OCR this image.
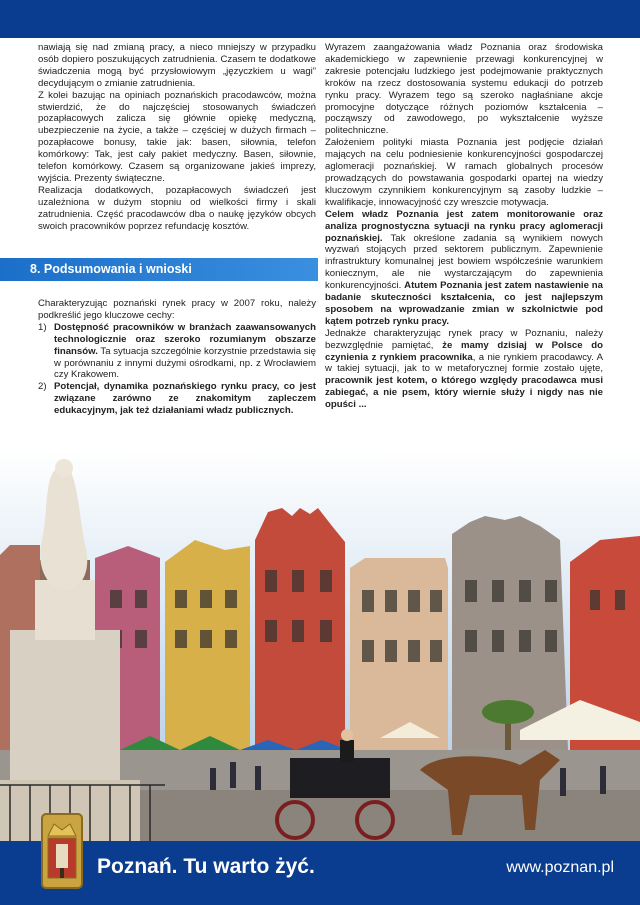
nawiają się nad zmianą pracy, a nieco mniejszy w przypadku osób dopiero poszukujących zatrudnienia. Czasem te dodatkowe świadczenia mogą być przysłowiowym „języczkiem u wagi” decydującym o zmianie zatrudnienia.

Z kolei bazując na opiniach poznańskich pracodawców, można stwierdzić, że do najczęściej stosowanych świadczeń pozapłacowych zalicza się głównie opiekę medyczną, ubezpieczenie na życie, a także – częściej w dużych firmach – pozapłacowe bonusy, takie jak: basen, siłownia, telefon komórkowy: Tak, jest cały pakiet medyczny. Basen, siłownie, telefon komórkowy. Czasem są organizowane jakieś imprezy, wyjścia. Prezenty świąteczne.

Realizacja dodatkowych, pozapłacowych świadczeń jest uzależniona w dużym stopniu od wielkości firmy i skali zatrudnienia. Część pracodawców dba o naukę języków obcych swoich pracowników poprzez refundację kosztów.

8. Podsumowania i wnioski

Charakteryzując poznański rynek pracy w 2007 roku, należy podkreślić jego kluczowe cechy:

1) Dostępność pracowników w branżach zaawansowanych technologicznie oraz szeroko rozumianym obszarze finansów. Ta sytuacja szczególnie korzystnie przedstawia się w porównaniu z innymi dużymi ośrodkami, np. z Wrocławiem czy Krakowem.
2) Potencjał, dynamika poznańskiego rynku pracy, co jest związane zarówno ze znakomitym zapleczem edukacyjnym, jak też działaniami władz publicznych.

Wyrazem zaangażowania władz Poznania oraz środowiska akademickiego w zapewnienie przewagi konkurencyjnej w zakresie potencjału ludzkiego jest podejmowanie praktycznych kroków na rzecz dostosowania systemu edukacji do potrzeb rynku pracy. Wyrazem tego są szeroko nagłaśniane akcje promocyjne dotyczące różnych poziomów kształcenia – począwszy od zawodowego, po wykształcenie wyższe politechniczne.

Założeniem polityki miasta Poznania jest podjęcie działań mających na celu podniesienie konkurencyjności gospodarczej aglomeracji poznańskiej. W ramach globalnych procesów prowadzących do powstawania gospodarki opartej na wiedzy kluczowym czynnikiem konkurencyjnym są zasoby ludzkie – kwalifikacje, innowacyjność czy wreszcie motywacja.

Celem władz Poznania jest zatem monitorowanie oraz analiza prognostyczna sytuacji na rynku pracy aglomeracji poznańskiej. Tak określone zadania są wynikiem nowych wyzwań stojących przed sektorem publicznym. Zapewnienie infrastruktury komunalnej jest bowiem współcześnie warunkiem koniecznym, ale nie wystarczającym do zapewnienia konkurencyjności. Atutem Poznania jest zatem nastawienie na badanie skuteczności kształcenia, co jest najlepszym sposobem na wprowadzanie zmian w szkolnictwie pod kątem potrzeb rynku pracy.

Jednakże charakteryzując rynek pracy w Poznaniu, należy bezwzględnie pamiętać, że mamy dzisiaj w Polsce do czynienia z rynkiem pracownika, a nie rynkiem pracodawcy. A w takiej sytuacji, jak to w metaforycznej formie zostało ujęte, pracownik jest kotem, o którego względy pracodawca musi zabiegać, a nie psem, który wiernie służy i nigdy nas nie opuści ...

Poznań. Tu warto żyć.	www.poznan.pl
